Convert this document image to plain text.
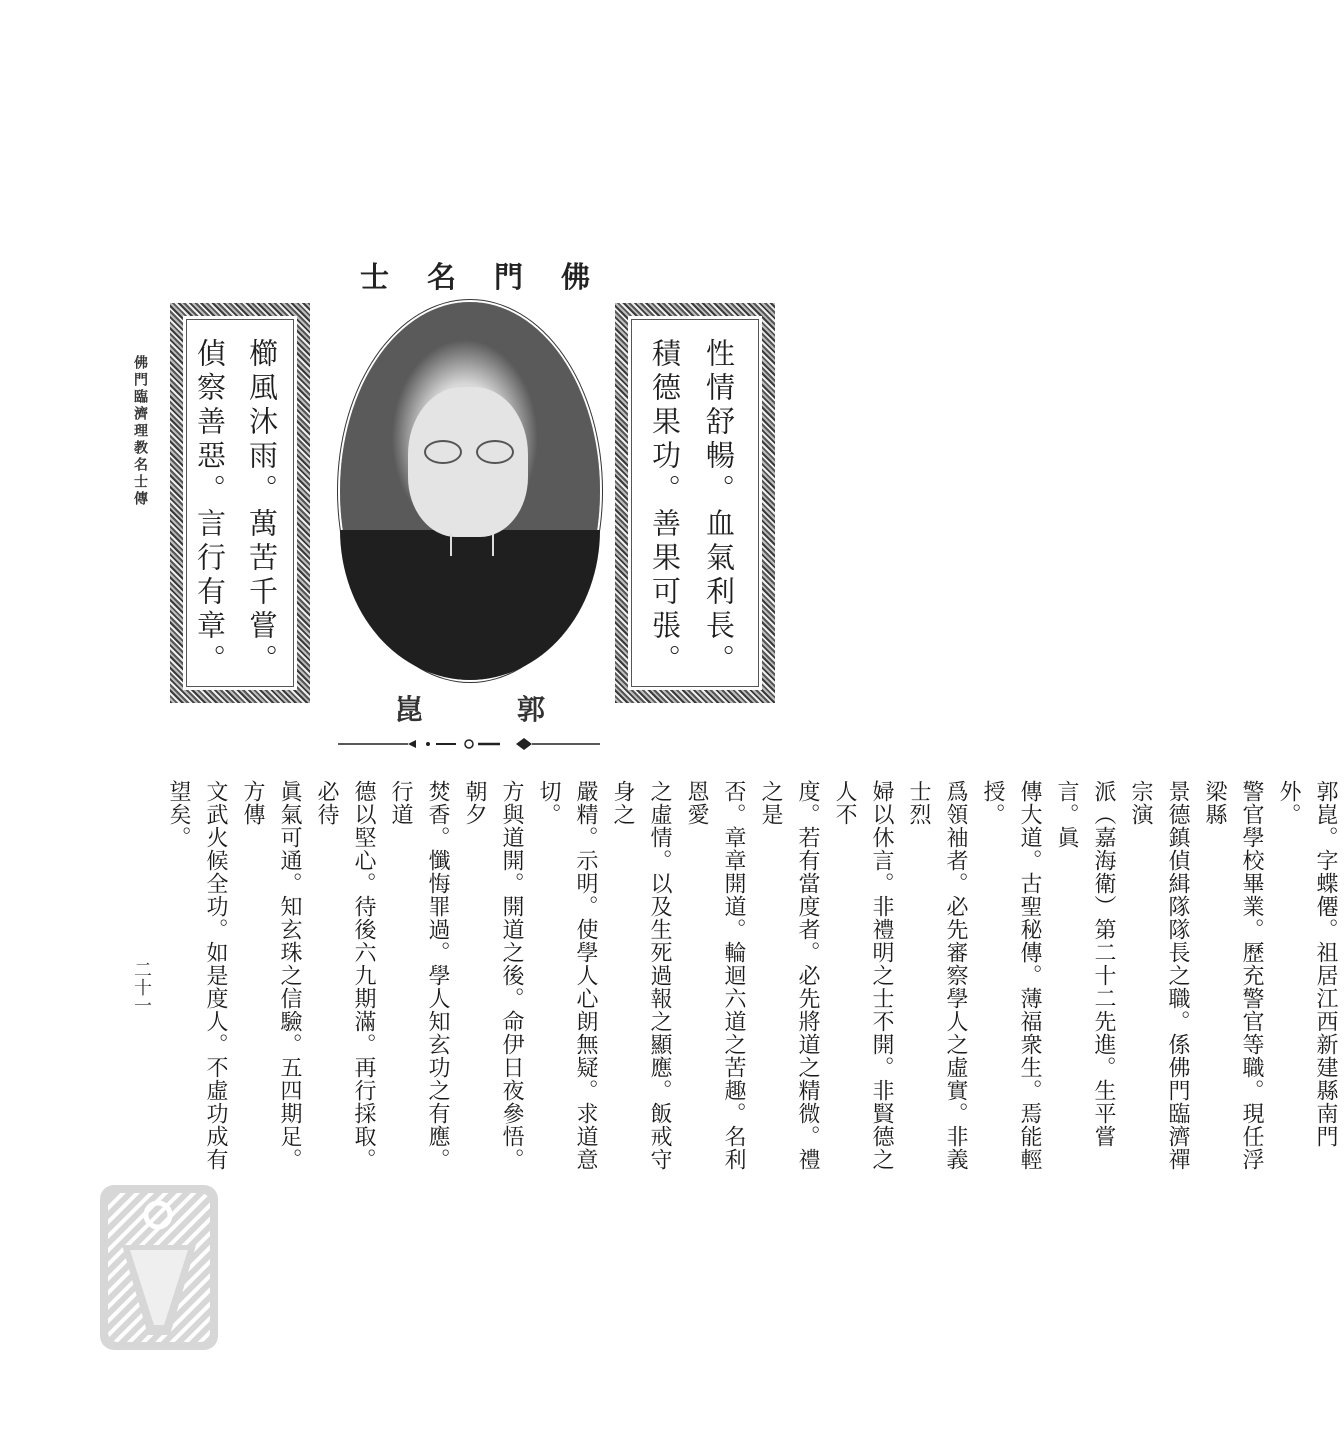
佛門臨濟理教名士傳
佛
門
名
士
性情舒暢。血氣利長。
積德果功。善果可張。
櫛風沐雨。萬苦千嘗。
偵察善惡。言行有章。
郭
崑
郭崑。字蝶僊。祖居江西新建縣南門外。
警官學校畢業。歷充警官等職。現任浮梁縣
景德鎮偵緝隊隊長之職。係佛門臨濟禪宗演
派（嘉海衛）第二十二先進。生平嘗言。眞
傳大道。古聖秘傳。薄福衆生。焉能輕授。
爲領袖者。必先審察學人之虛實。非義士烈
婦以休言。非禮明之士不開。非賢德之人不
度。若有當度者。必先將道之精微。禮之是
否。章章開道。輪迴六道之苦趣。名利恩愛
之虛情。以及生死過報之顯應。飯戒守身之
嚴精。示明。使學人心朗無疑。求道意切。
方與道開。開道之後。命伊日夜參悟。朝夕
焚香。懺悔罪過。學人知玄功之有應。行道
德以堅心。待後六九期滿。再行採取。必待
眞氣可通。知玄珠之信驗。五四期足。方傳
文武火候全功。如是度人。不虛功成有望矣。
二十一
